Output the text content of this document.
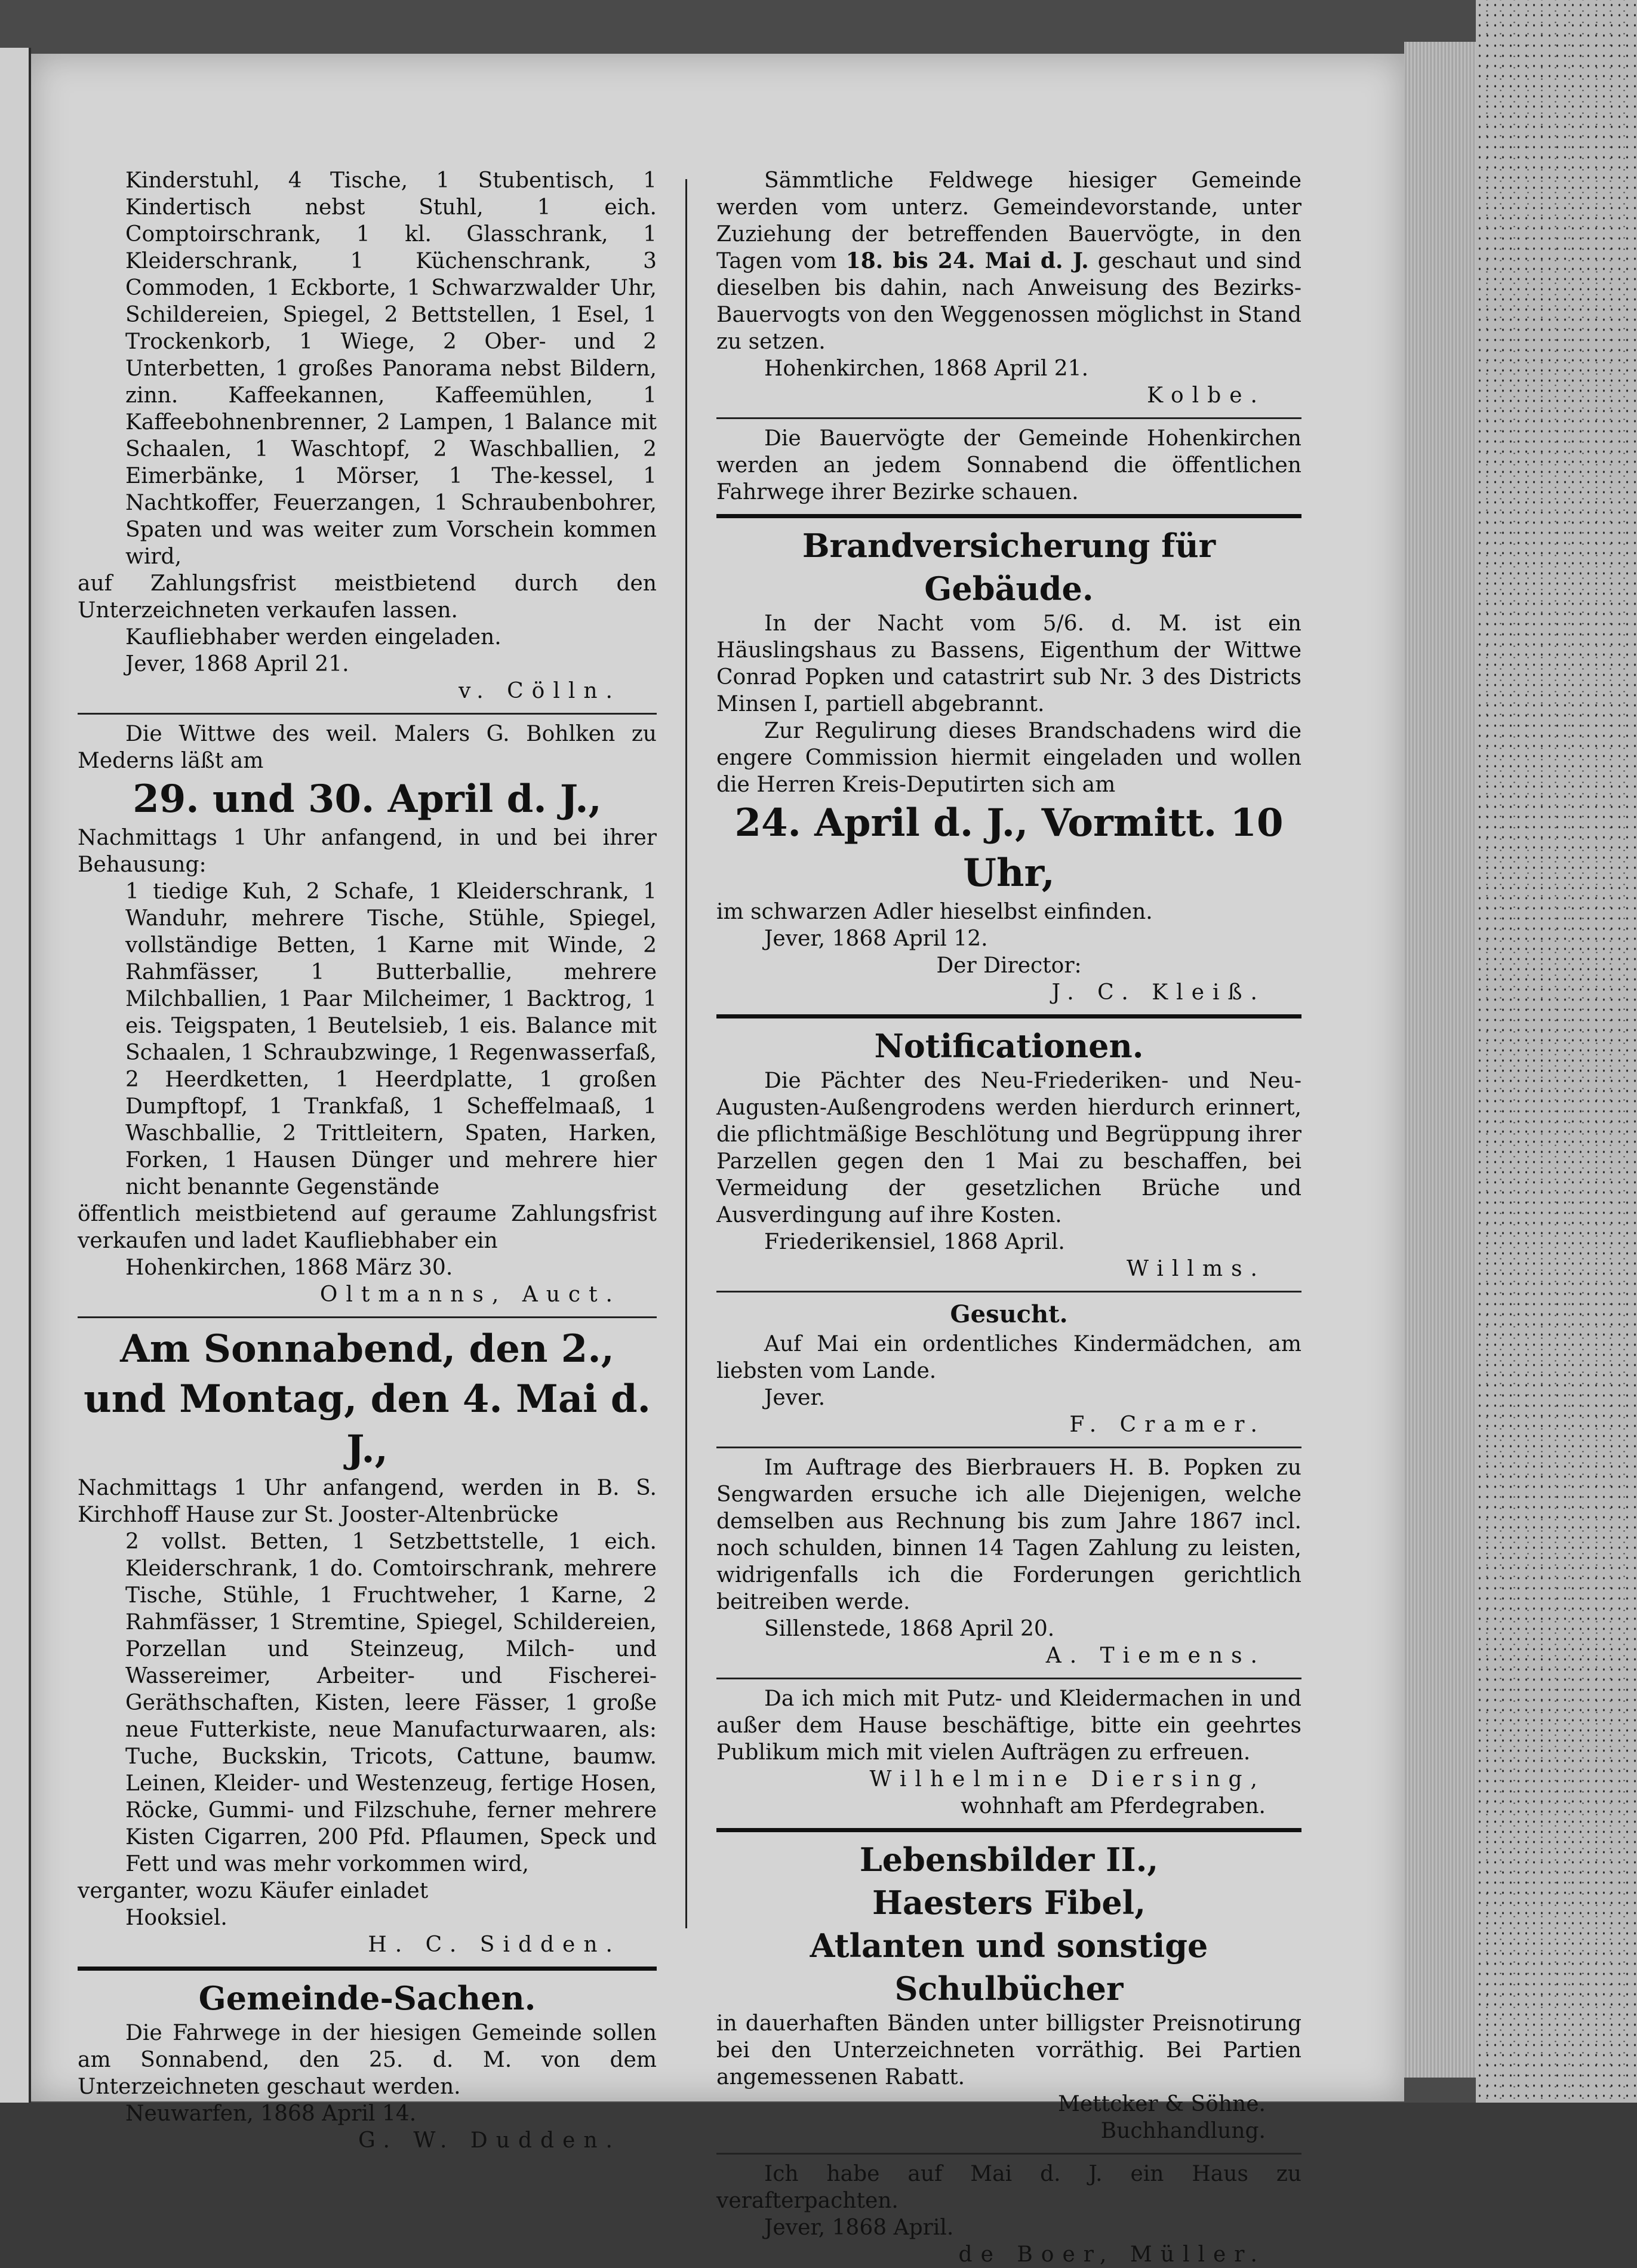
Kinderstuhl, 4 Tische, 1 Stubentisch, 1 Kindertisch nebst Stuhl, 1 eich. Comptoirschrank, 1 kl. Glasschrank, 1 Kleiderschrank, 1 Küchenschrank, 3 Commoden, 1 Eckborte, 1 Schwarzwalder Uhr, Schildereien, Spiegel, 2 Bettstellen, 1 Esel, 1 Trockenkorb, 1 Wiege, 2 Ober- und 2 Unterbetten, 1 großes Panorama nebst Bildern, zinn. Kaffeekannen, Kaffeemühlen, 1 Kaffeebohnenbrenner, 2 Lampen, 1 Balance mit Schaalen, 1 Waschtopf, 2 Waschballien, 2 Eimerbänke, 1 Mörser, 1 The-kessel, 1 Nachtkoffer, Feuerzangen, 1 Schraubenbohrer, Spaten und was weiter zum Vorschein kommen wird,

auf Zahlungsfrist meistbietend durch den Unterzeichneten verkaufen lassen.

Kaufliebhaber werden eingeladen.

Jever, 1868 April 21.

v. Cölln.

Die Wittwe des weil. Malers G. Bohlken zu Mederns läßt am

29. und 30. April d. J.,

Nachmittags 1 Uhr anfangend, in und bei ihrer Behausung:

1 tiedige Kuh, 2 Schafe, 1 Kleiderschrank, 1 Wanduhr, mehrere Tische, Stühle, Spiegel, vollständige Betten, 1 Karne mit Winde, 2 Rahmfässer, 1 Butterballie, mehrere Milchballien, 1 Paar Milcheimer, 1 Backtrog, 1 eis. Teigspaten, 1 Beutelsieb, 1 eis. Balance mit Schaalen, 1 Schraubzwinge, 1 Regenwasserfaß, 2 Heerdketten, 1 Heerdplatte, 1 großen Dumpftopf, 1 Trankfaß, 1 Scheffelmaaß, 1 Waschballie, 2 Trittleitern, Spaten, Harken, Forken, 1 Hausen Dünger und mehrere hier nicht benannte Gegenstände

öffentlich meistbietend auf geraume Zahlungsfrist verkaufen und ladet Kaufliebhaber ein

Hohenkirchen, 1868 März 30.

Oltmanns, Auct.

Am Sonnabend, den 2., und Montag, den 4. Mai d. J.,

Nachmittags 1 Uhr anfangend, werden in B. S. Kirchhoff Hause zur St. Jooster-Altenbrücke

2 vollst. Betten, 1 Setzbettstelle, 1 eich. Kleiderschrank, 1 do. Comtoirschrank, mehrere Tische, Stühle, 1 Fruchtweher, 1 Karne, 2 Rahmfässer, 1 Stremtine, Spiegel, Schildereien, Porzellan und Steinzeug, Milch- und Wassereimer, Arbeiter- und Fischerei-Geräthschaften, Kisten, leere Fässer, 1 große neue Futterkiste, neue Manufacturwaaren, als: Tuche, Buckskin, Tricots, Cattune, baumw. Leinen, Kleider- und Westenzeug, fertige Hosen, Röcke, Gummi- und Filzschuhe, ferner mehrere Kisten Cigarren, 200 Pfd. Pflaumen, Speck und Fett und was mehr vorkommen wird,

verganter, wozu Käufer einladet

Hooksiel.

H. C. Sidden.

Gemeinde-Sachen.

Die Fahrwege in der hiesigen Gemeinde sollen am Sonnabend, den 25. d. M. von dem Unterzeichneten geschaut werden.

Neuwarfen, 1868 April 14.

G. W. Dudden.

Sämmtliche Feldwege hiesiger Gemeinde werden vom unterz. Gemeindevorstande, unter Zuziehung der betreffenden Bauervögte, in den Tagen vom 18. bis 24. Mai d. J. geschaut und sind dieselben bis dahin, nach Anweisung des Bezirks-Bauervogts von den Weggenossen möglichst in Stand zu setzen.

Hohenkirchen, 1868 April 21.

Kolbe.

Die Bauervögte der Gemeinde Hohenkirchen werden an jedem Sonnabend die öffentlichen Fahrwege ihrer Bezirke schauen.

Brandversicherung für Gebäude.

In der Nacht vom 5/6. d. M. ist ein Häuslingshaus zu Bassens, Eigenthum der Wittwe Conrad Popken und catastrirt sub Nr. 3 des Districts Minsen I, partiell abgebrannt.

Zur Regulirung dieses Brandschadens wird die engere Commission hiermit eingeladen und wollen die Herren Kreis-Deputirten sich am

24. April d. J., Vormitt. 10 Uhr,

im schwarzen Adler hieselbst einfinden.

Jever, 1868 April 12.

Der Director:

J. C. Kleiß.

Notificationen.

Die Pächter des Neu-Friederiken- und Neu-Augusten-Außengrodens werden hierdurch erinnert, die pflichtmäßige Beschlötung und Begrüppung ihrer Parzellen gegen den 1 Mai zu beschaffen, bei Vermeidung der gesetzlichen Brüche und Ausverdingung auf ihre Kosten.

Friederikensiel, 1868 April.

Willms.

Gesucht.

Auf Mai ein ordentliches Kindermädchen, am liebsten vom Lande.

Jever.

F. Cramer.

Im Auftrage des Bierbrauers H. B. Popken zu Sengwarden ersuche ich alle Diejenigen, welche demselben aus Rechnung bis zum Jahre 1867 incl. noch schulden, binnen 14 Tagen Zahlung zu leisten, widrigenfalls ich die Forderungen gerichtlich beitreiben werde.

Sillenstede, 1868 April 20.

A. Tiemens.

Da ich mich mit Putz- und Kleidermachen in und außer dem Hause beschäftige, bitte ein geehrtes Publikum mich mit vielen Aufträgen zu erfreuen.

Wilhelmine Diersing,

wohnhaft am Pferdegraben.

Lebensbilder II.,

Haesters Fibel,

Atlanten und sonstige Schulbücher

in dauerhaften Bänden unter billigster Preisnotirung bei den Unterzeichneten vorräthig. Bei Partien angemessenen Rabatt.

Mettcker & Söhne.

Buchhandlung.

Ich habe auf Mai d. J. ein Haus zu verafterpachten.

Jever, 1868 April.

de Boer, Müller.
